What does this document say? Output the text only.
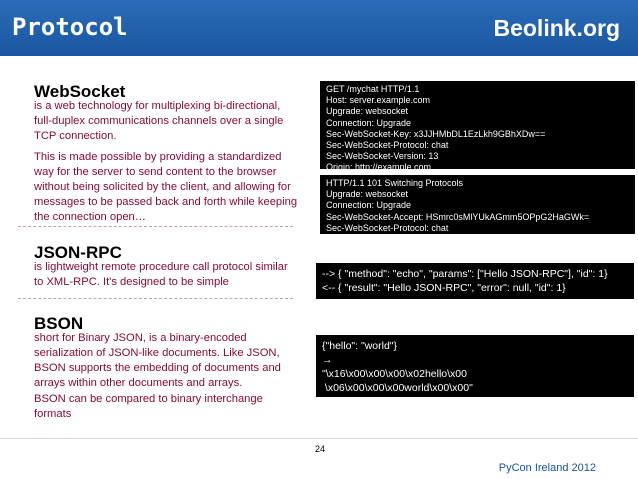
Protocol	Beolink.org
WebSocket
is a web technology for multiplexing bi-directional, full-duplex communications channels over a single TCP connection.
This is made possible by providing a standardized way for the server to send content to the browser without being solicited by the client, and allowing for messages to be passed back and forth while keeping the connection open…
GET /mychat HTTP/1.1
Host: server.example.com
Upgrade: websocket
Connection: Upgrade
Sec-WebSocket-Key: x3JJHMbDL1EzLkh9GBhXDw==
Sec-WebSocket-Protocol: chat
Sec-WebSocket-Version: 13
Origin: http://example.com
HTTP/1.1 101 Switching Protocols
Upgrade: websocket
Connection: Upgrade
Sec-WebSocket-Accept: HSmrc0sMlYUkAGmm5OPpG2HaGWk=
Sec-WebSocket-Protocol: chat
JSON-RPC
is lightweight remote procedure call protocol similar to XML-RPC. It's designed to be simple
--> { "method": "echo", "params": ["Hello JSON-RPC"], "id": 1}
<-- { "result": "Hello JSON-RPC", "error": null, "id": 1}
BSON
short for Binary JSON, is a binary-encoded serialization of JSON-like documents. Like JSON, BSON supports the embedding of documents and arrays within other documents and arrays.
BSON can be compared to binary interchange formats
{"hello": "world"}
→
"\x16\x00\x00\x00\x02hello\x00
\x06\x00\x00\x00world\x00\x00"
24
PyCon Ireland 2012
